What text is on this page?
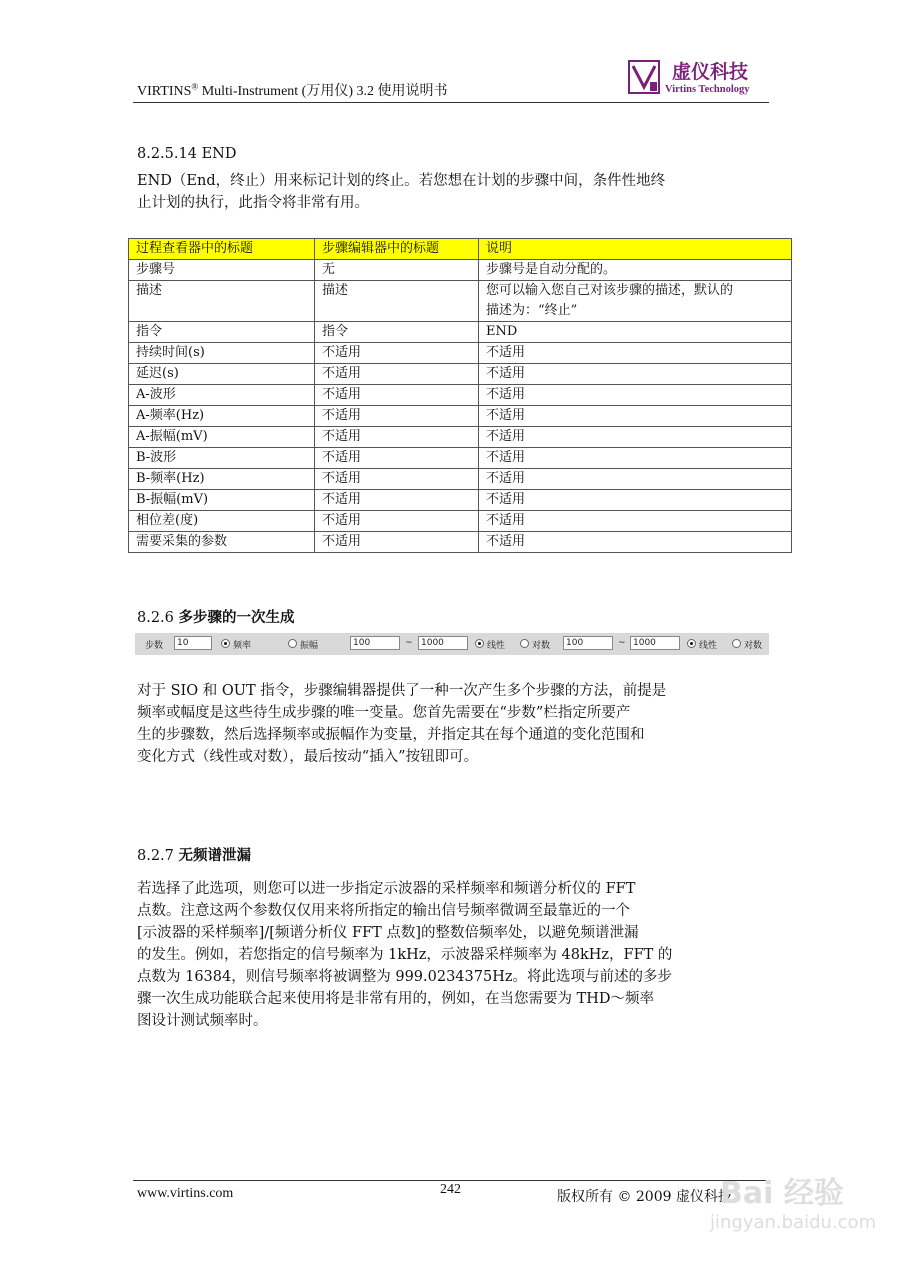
VIRTINS® Multi-Instrument (万用仪) 3.2 使用说明书
虚仪科技
Virtins Technology
8.2.5.14 END
END（End，终止）用来标记计划的终止。若您想在计划的步骤中间，条件性地终
止计划的执行，此指令将非常有用。
过程查看器中的标题	步骤编辑器中的标题	说明
步骤号	无	步骤号是自动分配的。
描述	描述	您可以输入您自己对该步骤的描述，默认的
描述为：“终止”

指令	指令	END
持续时间(s)	不适用	不适用
延迟(s)	不适用	不适用
A-波形	不适用	不适用
A-频率(Hz)	不适用	不适用
A-振幅(mV)	不适用	不适用
B-波形	不适用	不适用
B-频率(Hz)	不适用	不适用
B-振幅(mV)	不适用	不适用
相位差(度)	不适用	不适用
需要采集的参数	不适用	不适用
8.2.6 多步骤的一次生成
步数	10	频率	振幅	100	~ 1000	线性	对数	100	~ 1000	线性	对数
对于 SIO 和 OUT 指令，步骤编辑器提供了一种一次产生多个步骤的方法，前提是
频率或幅度是这些待生成步骤的唯一变量。您首先需要在“步数”栏指定所要产
生的步骤数，然后选择频率或振幅作为变量，并指定其在每个通道的变化范围和
变化方式（线性或对数），最后按动“插入”按钮即可。
8.2.7 无频谱泄漏
若选择了此选项，则您可以进一步指定示波器的采样频率和频谱分析仪的 FFT
点数。注意这两个参数仅仅用来将所指定的输出信号频率微调至最靠近的一个
[示波器的采样频率]/[频谱分析仪 FFT 点数]的整数倍频率处，以避免频谱泄漏
的发生。例如，若您指定的信号频率为 1kHz，示波器采样频率为 48kHz，FFT 的
点数为 16384，则信号频率将被调整为 999.0234375Hz。将此选项与前述的多步
骤一次生成功能联合起来使用将是非常有用的，例如，在当您需要为 THD～频率
图设计测试频率时。
www.virtins.com	242	版权所有 © 2009 虚仪科技
Bai 经验
jingyan.baidu.com
